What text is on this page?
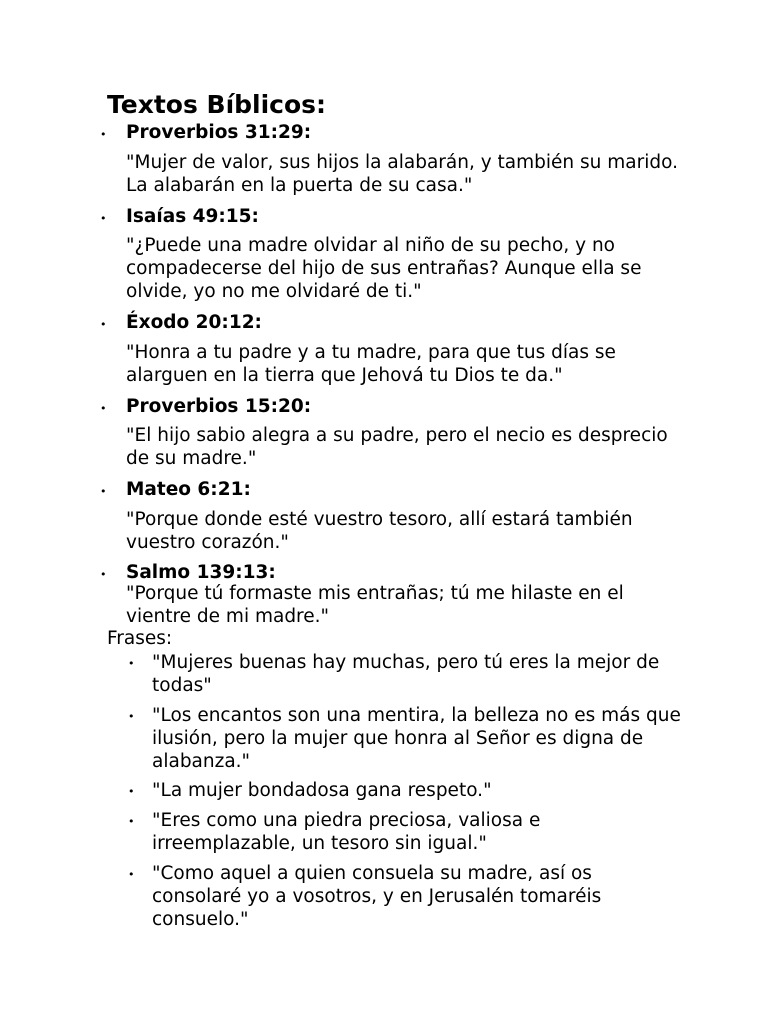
Textos Bíblicos:
• Proverbios 31:29:

"Mujer de valor, sus hijos la alabarán, y también su marido. La alabarán en la puerta de su casa."

• Isaías 49:15:

"¿Puede una madre olvidar al niño de su pecho, y no compadecerse del hijo de sus entrañas? Aunque ella se olvide, yo no me olvidaré de ti."

• Éxodo 20:12:

"Honra a tu padre y a tu madre, para que tus días se alarguen en la tierra que Jehová tu Dios te da."

• Proverbios 15:20:

"El hijo sabio alegra a su padre, pero el necio es desprecio de su madre."

• Mateo 6:21:

"Porque donde esté vuestro tesoro, allí estará también vuestro corazón."

• Salmo 139:13:

"Porque tú formaste mis entrañas; tú me hilaste en el vientre de mi madre."

Frases:

• "Mujeres buenas hay muchas, pero tú eres la mejor de todas"

• "Los encantos son una mentira, la belleza no es más que ilusión, pero la mujer que honra al Señor es digna de alabanza."

• "La mujer bondadosa gana respeto."

• "Eres como una piedra preciosa, valiosa e irreemplazable, un tesoro sin igual."

• "Como aquel a quien consuela su madre, así os consolaré yo a vosotros, y en Jerusalén tomaréis consuelo."
